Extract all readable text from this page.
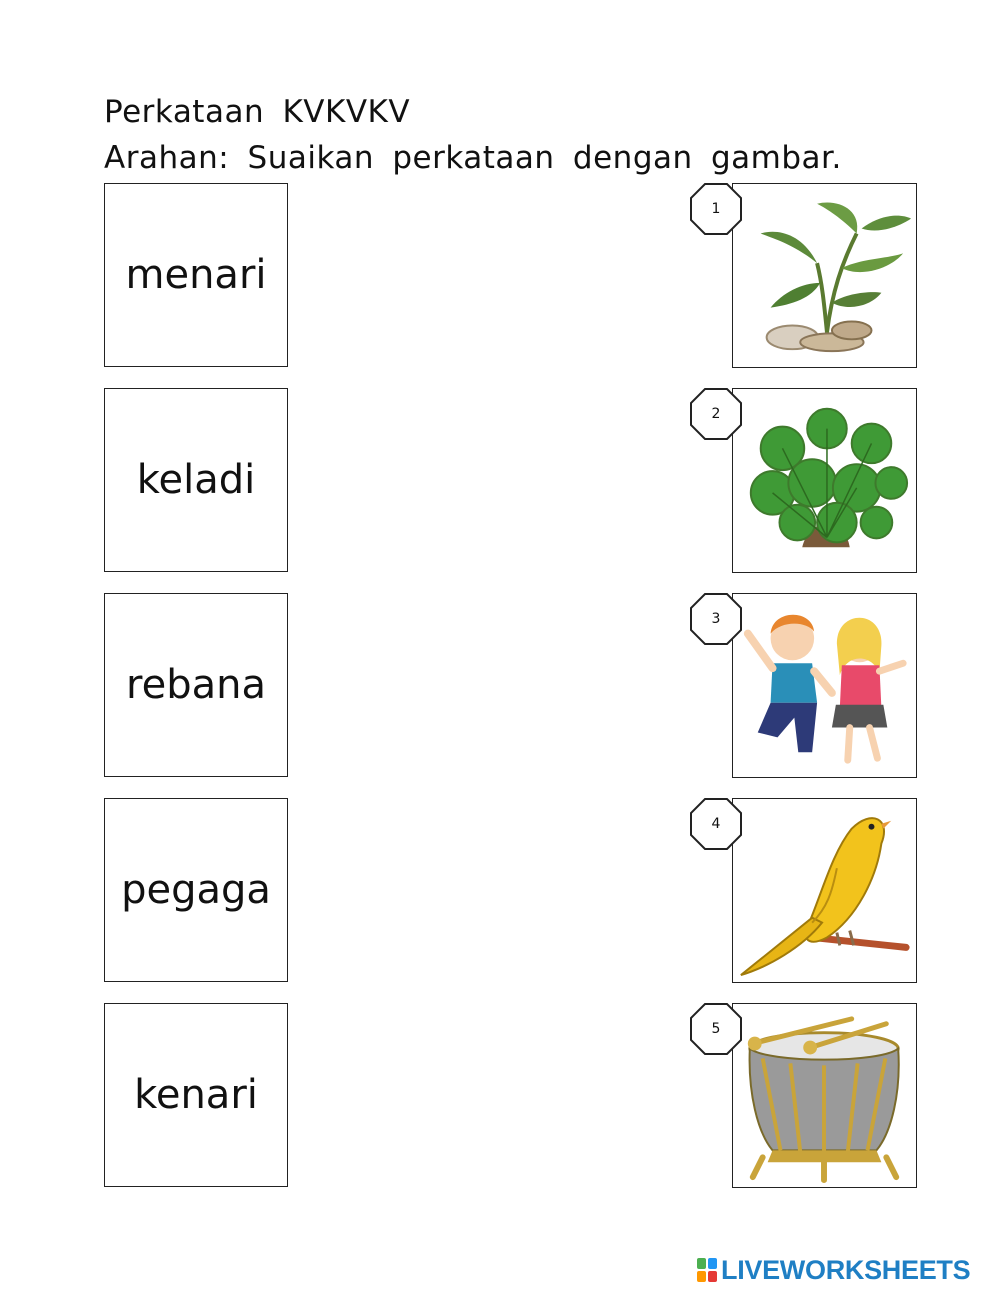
Perkataan KVKVKV
Arahan: Suaikan perkataan dengan gambar.
menari
keladi
rebana
pegaga
kenari
1
2
3
4
5
LIVEWORKSHEETS
